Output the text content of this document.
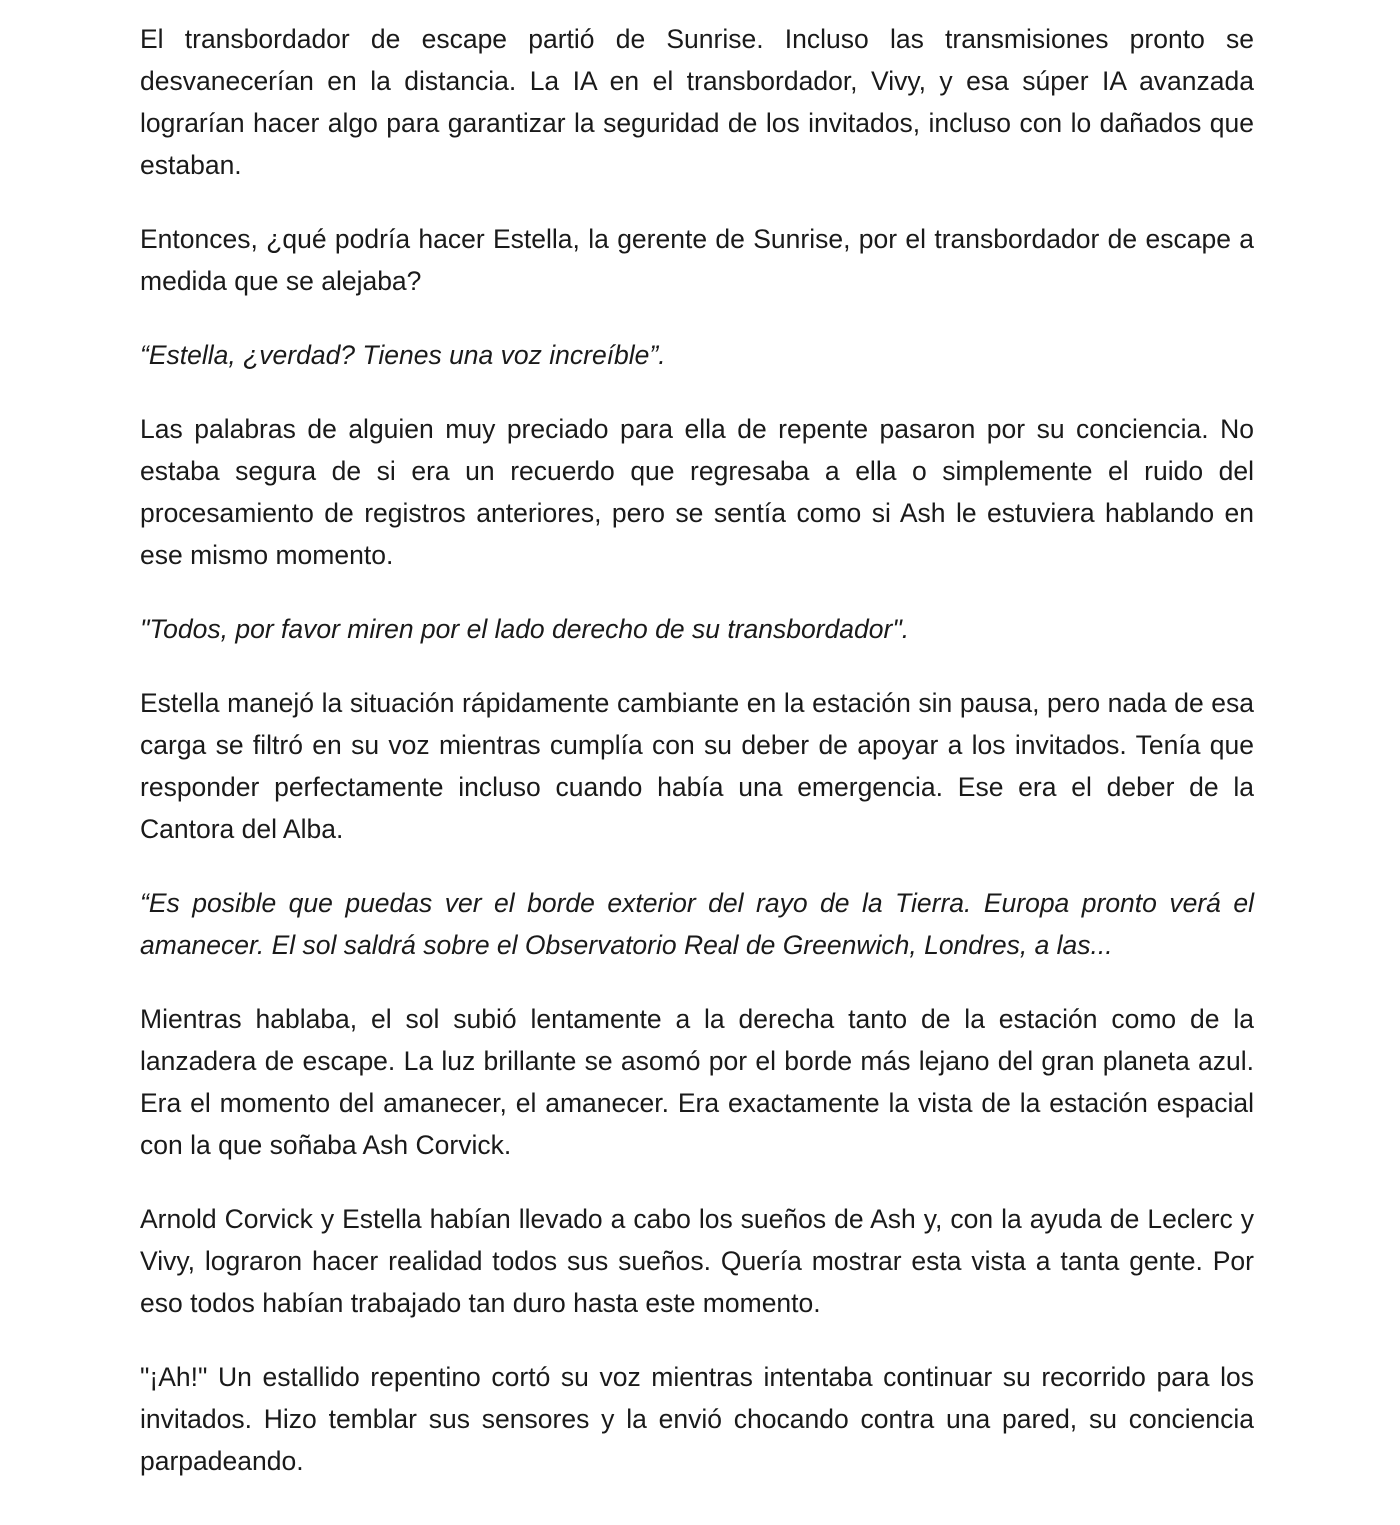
El transbordador de escape partió de Sunrise. Incluso las transmisiones pronto se desvanecerían en la distancia. La IA en el transbordador, Vivy, y esa súper IA avanzada lograrían hacer algo para garantizar la seguridad de los invitados, incluso con lo dañados que estaban.

Entonces, ¿qué podría hacer Estella, la gerente de Sunrise, por el transbordador de escape a medida que se alejaba?

“Estella, ¿verdad? Tienes una voz increíble”.

Las palabras de alguien muy preciado para ella de repente pasaron por su conciencia. No estaba segura de si era un recuerdo que regresaba a ella o simplemente el ruido del procesamiento de registros anteriores, pero se sentía como si Ash le estuviera hablando en ese mismo momento.

"Todos, por favor miren por el lado derecho de su transbordador".

Estella manejó la situación rápidamente cambiante en la estación sin pausa, pero nada de esa carga se filtró en su voz mientras cumplía con su deber de apoyar a los invitados. Tenía que responder perfectamente incluso cuando había una emergencia. Ese era el deber de la Cantora del Alba.

“Es posible que puedas ver el borde exterior del rayo de la Tierra. Europa pronto verá el amanecer. El sol saldrá sobre el Observatorio Real de Greenwich, Londres, a las...

Mientras hablaba, el sol subió lentamente a la derecha tanto de la estación como de la lanzadera de escape. La luz brillante se asomó por el borde más lejano del gran planeta azul. Era el momento del amanecer, el amanecer. Era exactamente la vista de la estación espacial con la que soñaba Ash Corvick.

Arnold Corvick y Estella habían llevado a cabo los sueños de Ash y, con la ayuda de Leclerc y Vivy, lograron hacer realidad todos sus sueños. Quería mostrar esta vista a tanta gente. Por eso todos habían trabajado tan duro hasta este momento.

"¡Ah!" Un estallido repentino cortó su voz mientras intentaba continuar su recorrido para los invitados. Hizo temblar sus sensores y la envió chocando contra una pared, su conciencia parpadeando.
